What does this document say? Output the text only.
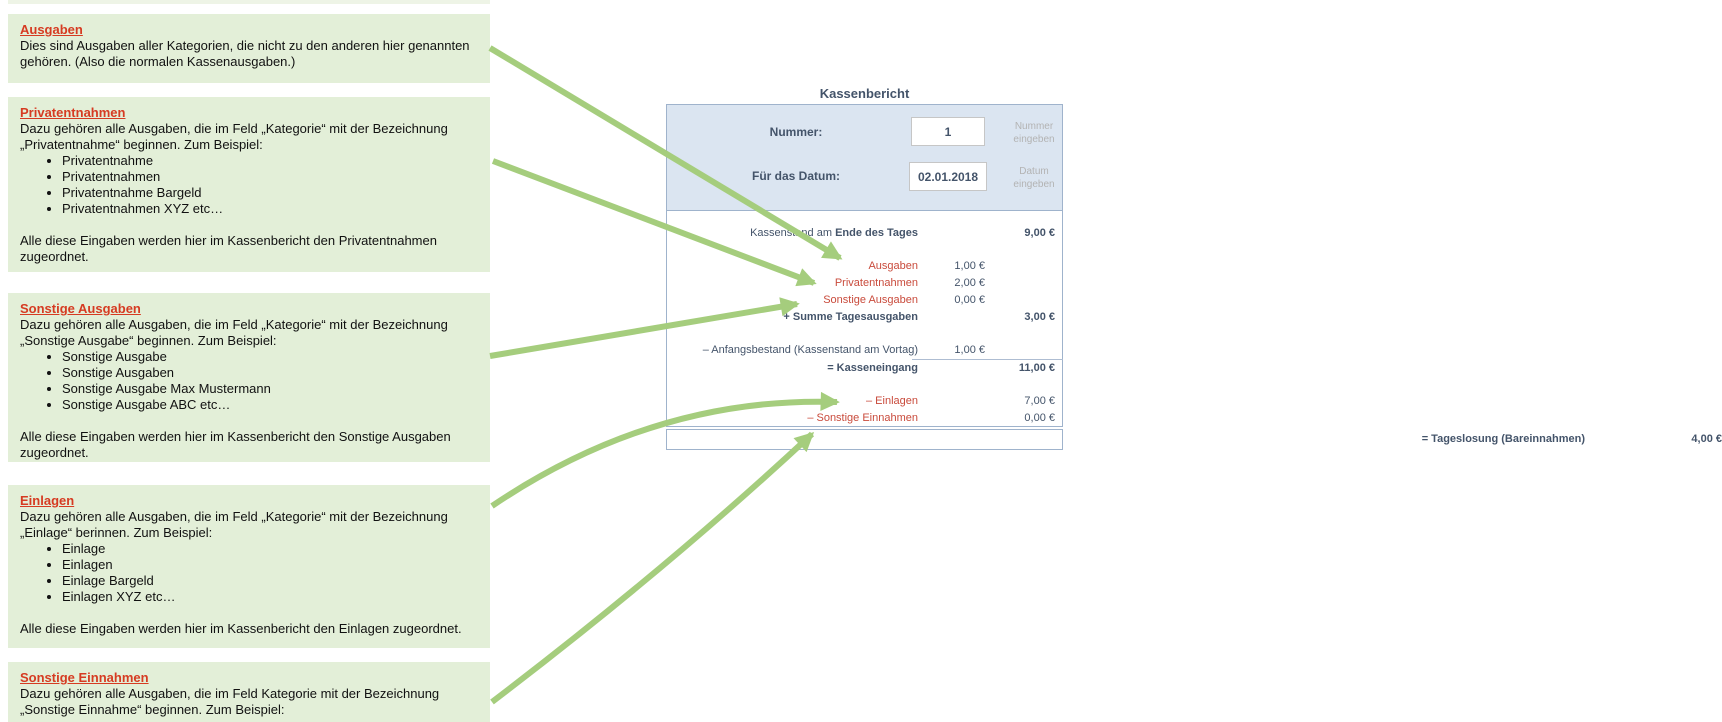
Ausgaben

Dies sind Ausgaben aller Kategorien, die nicht zu den anderen hier genannten gehören. (Also die normalen Kassenausgaben.)

Privatentnahmen

Dazu gehören alle Ausgaben, die im Feld „Kategorie“ mit der Bezeichnung „Privatentnahme“ beginnen. Zum Beispiel:

• Privatentnahme
• Privatentnahmen
• Privatentnahme Bargeld
• Privatentnahmen XYZ etc…

Alle diese Eingaben werden hier im Kassenbericht den Privatentnahmen zugeordnet.

Sonstige Ausgaben

Dazu gehören alle Ausgaben, die im Feld „Kategorie“ mit der Bezeichnung „Sonstige Ausgabe“ beginnen. Zum Beispiel:

• Sonstige Ausgabe
• Sonstige Ausgaben
• Sonstige Ausgabe Max Mustermann
• Sonstige Ausgabe ABC etc…

Alle diese Eingaben werden hier im Kassenbericht den Sonstige Ausgaben zugeordnet.

Einlagen

Dazu gehören alle Ausgaben, die im Feld „Kategorie“ mit der Bezeichnung „Einlage“ berinnen. Zum Beispiel:

• Einlage
• Einlagen
• Einlage Bargeld
• Einlagen XYZ etc…

Alle diese Eingaben werden hier im Kassenbericht den Einlagen zugeordnet.

Sonstige Einnahmen

Dazu gehören alle Ausgaben, die im Feld Kategorie mit der Bezeichnung „Sonstige Einnahme“ beginnen. Zum Beispiel:

Kassenbericht
Nummer:
1	Nummer
eingeben
Für das Datum:
02.01.2018	Datum
eingeben
Kassenstand am Ende des Tages	9,00 €
Ausgaben	1,00 €
Privatentnahmen	2,00 €
Sonstige Ausgaben	0,00 €
+ Summe Tagesausgaben	3,00 €
– Anfangsbestand (Kassenstand am Vortag)	1,00 €
= Kasseneingang	11,00 €
– Einlagen	7,00 €
– Sonstige Einnahmen	0,00 €
= Tageslosung (Bareinnahmen)	4,00 €
